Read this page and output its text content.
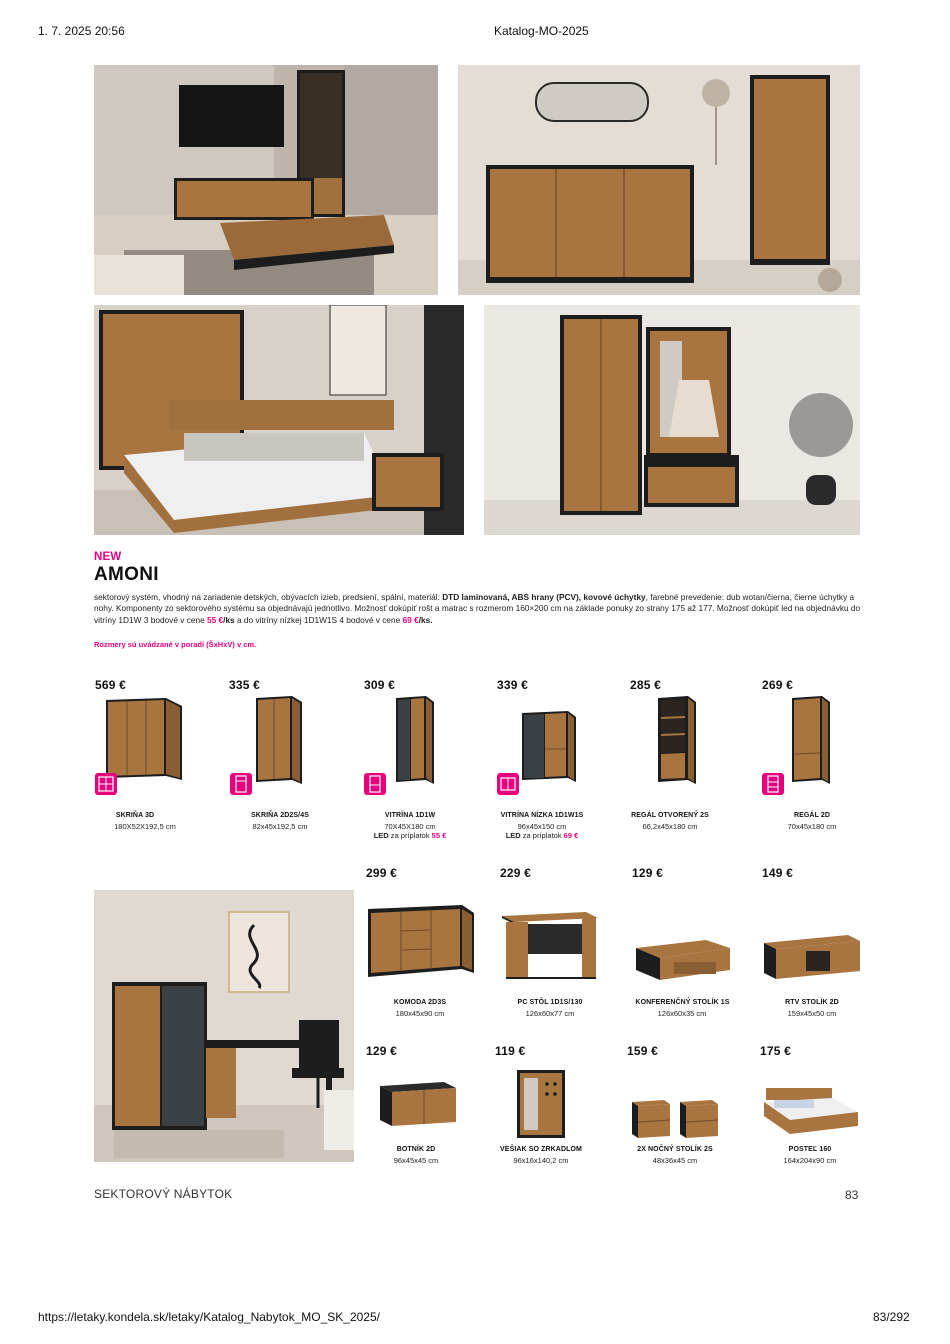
1. 7. 2025 20:56	Katalog-MO-2025
NEW
AMONI
sektorový systém, vhodný na zariadenie detských, obývacích izieb, predsiení, spální, materiál: DTD laminovaná, ABS hrany (PCV), kovové úchytky, farebné prevedenie: dub wotan/čierna, čierne úchytky a nohy. Komponenty zo sektorového systému sa objednávajú jednotlivo. Možnosť dokúpiť rošt a matrac s rozmerom 160×200 cm na základe ponuky zo strany 175 až 177. Možnosť dokúpiť led na objednávku do vitríny 1D1W 3 bodové v cene 55 €/ks a do vitríny nízkej 1D1W1S 4 bodové v cene 69 €/ks.
Rozmery sú uvádzané v poradí (ŠxHxV) v cm.
569 €
SKRIŇA 3D
180X52X192,5 cm
335 €
SKRIŇA 2D2S/4S
82x45x192,5 cm
309 €
VITRÍNA 1D1W
70X45X180 cm
LED za príplatok 55 €
339 €
VITRÍNA NÍZKA 1D1W1S
96x45x150 cm
LED za príplatok 69 €
285 €
REGÁL OTVORENÝ 2S
66,2x45x180 cm
269 €
REGÁL 2D
70x45x180 cm
299 €
KOMODA 2D3S
180x45x90 cm
229 €
PC STÔL 1D1S/130
126x60x77 cm
129 €
KONFERENČNÝ STOLÍK 1S
126x60x35 cm
149 €
RTV STOLÍK 2D
159x45x50 cm
129 €
BOTNÍK 2D
96x45x45 cm
119 €
VEŠIAK SO ZRKADLOM
96x16x140,2 cm
159 €
2X NOČNÝ STOLÍK 2S
48x36x45 cm
175 €
POSTEĽ 160
164x204x90 cm
SEKTOROVÝ NÁBYTOK	83
https://letaky.kondela.sk/letaky/Katalog_Nabytok_MO_SK_2025/	83/292
